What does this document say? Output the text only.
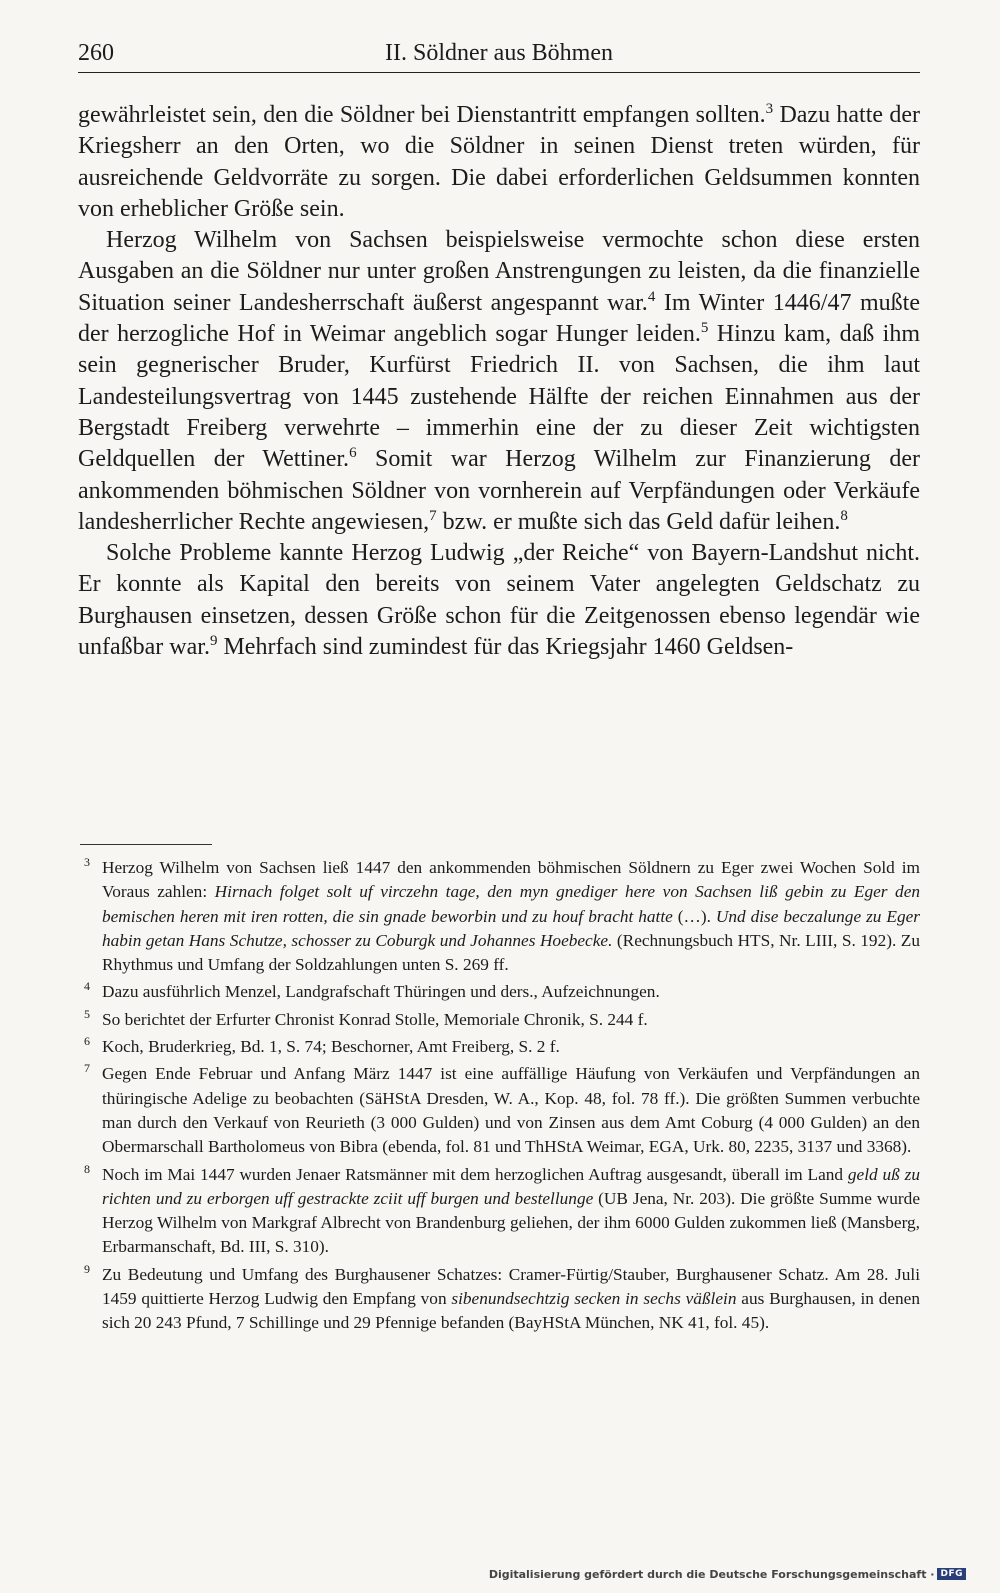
260	II. Söldner aus Böhmen

gewährleistet sein, den die Söldner bei Dienstantritt empfangen sollten.$^3$ Dazu hatte der Kriegsherr an den Orten, wo die Söldner in seinen Dienst treten würden, für ausreichende Geldvorräte zu sorgen. Die dabei erforderlichen Geldsummen konnten von erheblicher Größe sein.

Herzog Wilhelm von Sachsen beispielsweise vermochte schon diese ersten Ausgaben an die Söldner nur unter großen Anstrengungen zu leisten, da die finanzielle Situation seiner Landesherrschaft äußerst angespannt war.$^4$ Im Winter 1446/47 mußte der herzogliche Hof in Weimar angeblich sogar Hunger leiden.$^5$ Hinzu kam, daß ihm sein gegnerischer Bruder, Kurfürst Friedrich II. von Sachsen, die ihm laut Landesteilungsvertrag von 1445 zustehende Hälfte der reichen Einnahmen aus der Bergstadt Freiberg verwehrte – immerhin eine der zu dieser Zeit wichtigsten Geldquellen der Wettiner.$^6$ Somit war Herzog Wilhelm zur Finanzierung der ankommenden böhmischen Söldner von vornherein auf Verpfändungen oder Verkäufe landesherrlicher Rechte angewiesen,$^7$ bzw. er mußte sich das Geld dafür leihen.$^8$

Solche Probleme kannte Herzog Ludwig „der Reiche“ von Bayern-Landshut nicht. Er konnte als Kapital den bereits von seinem Vater angelegten Geldschatz zu Burghausen einsetzen, dessen Größe schon für die Zeitgenossen ebenso legendär wie unfaßbar war.$^9$ Mehrfach sind zumindest für das Kriegsjahr 1460 Geldsen-

3 Herzog Wilhelm von Sachsen ließ 1447 den ankommenden böhmischen Söldnern zu Eger zwei Wochen Sold im Voraus zahlen: Hirnach folget solt uf virczehn tage, den myn gnediger here von Sachsen liß gebin zu Eger den bemischen heren mit iren rotten, die sin gnade beworbin und zu houf bracht hatte (…). Und dise beczalunge zu Eger habin getan Hans Schutze, schosser zu Coburgk und Johannes Hoebecke. (Rechnungsbuch HTS, Nr. LIII, S. 192). Zu Rhythmus und Umfang der Soldzahlungen unten S. 269 ff.
4 Dazu ausführlich Menzel, Landgrafschaft Thüringen und ders., Aufzeichnungen.
5 So berichtet der Erfurter Chronist Konrad Stolle, Memoriale Chronik, S. 244 f.
6 Koch, Bruderkrieg, Bd. 1, S. 74; Beschorner, Amt Freiberg, S. 2 f.
7 Gegen Ende Februar und Anfang März 1447 ist eine auffällige Häufung von Verkäufen und Verpfändungen an thüringische Adelige zu beobachten (SäHStA Dresden, W. A., Kop. 48, fol. 78 ff.). Die größten Summen verbuchte man durch den Verkauf von Reurieth (3 000 Gulden) und von Zinsen aus dem Amt Coburg (4 000 Gulden) an den Obermarschall Bartholomeus von Bibra (ebenda, fol. 81 und ThHStA Weimar, EGA, Urk. 80, 2235, 3137 und 3368).
8 Noch im Mai 1447 wurden Jenaer Ratsmänner mit dem herzoglichen Auftrag ausgesandt, überall im Land geld uß zu richten und zu erborgen uff gestrackte zciit uff burgen und bestellunge (UB Jena, Nr. 203). Die größte Summe wurde Herzog Wilhelm von Markgraf Albrecht von Brandenburg geliehen, der ihm 6000 Gulden zukommen ließ (Mansberg, Erbarmanschaft, Bd. III, S. 310).
9 Zu Bedeutung und Umfang des Burghausener Schatzes: Cramer-Fürtig/Stauber, Burghausener Schatz. Am 28. Juli 1459 quittierte Herzog Ludwig den Empfang von sibenundsechtzig secken in sechs väßlein aus Burghausen, in denen sich 20 243 Pfund, 7 Schillinge und 29 Pfennige befanden (BayHStA München, NK 41, fol. 45).
Digitalisierung gefördert durch die Deutsche Forschungsgemeinschaft · DFG
